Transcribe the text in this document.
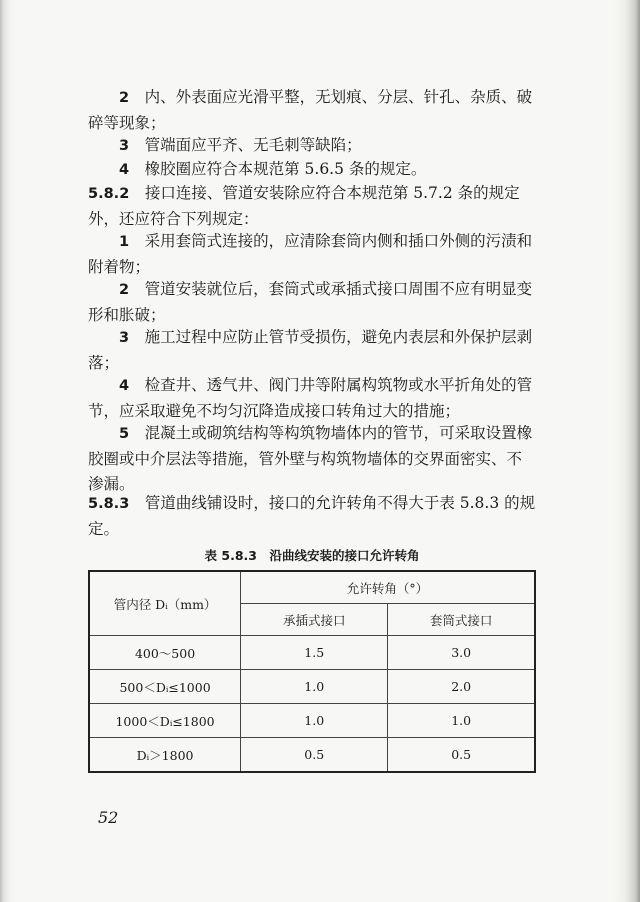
2　 内、外表面应光滑平整，无划痕、分层、针孔、杂质、破碎等现象；

3　 管端面应平齐、无毛刺等缺陷；

4　 橡胶圈应符合本规范第 5.6.5 条的规定。

5.8.2　 接口连接、管道安装除应符合本规范第 5.7.2 条的规定外，还应符合下列规定：

1　 采用套筒式连接的，应清除套筒内侧和插口外侧的污渍和附着物；

2　 管道安装就位后，套筒式或承插式接口周围不应有明显变形和胀破；

3　 施工过程中应防止管节受损伤，避免内表层和外保护层剥落；

4　 检查井、透气井、阀门井等附属构筑物或水平折角处的管节，应采取避免不均匀沉降造成接口转角过大的措施；

5　 混凝土或砌筑结构等构筑物墙体内的管节，可采取设置橡胶圈或中介层法等措施，管外壁与构筑物墙体的交界面密实、不渗漏。

5.8.3　 管道曲线铺设时，接口的允许转角不得大于表 5.8.3 的规定。

表 5.8.3　沿曲线安装的接口允许转角
管内径 Dᵢ（mm）	允许转角（°）	
	承插式接口	套筒式接口
400～500	1.5	3.0
500＜Dᵢ≤1000	1.0	2.0
1000＜Dᵢ≤1800	1.0	1.0
Dᵢ＞1800	0.5	0.5
52
